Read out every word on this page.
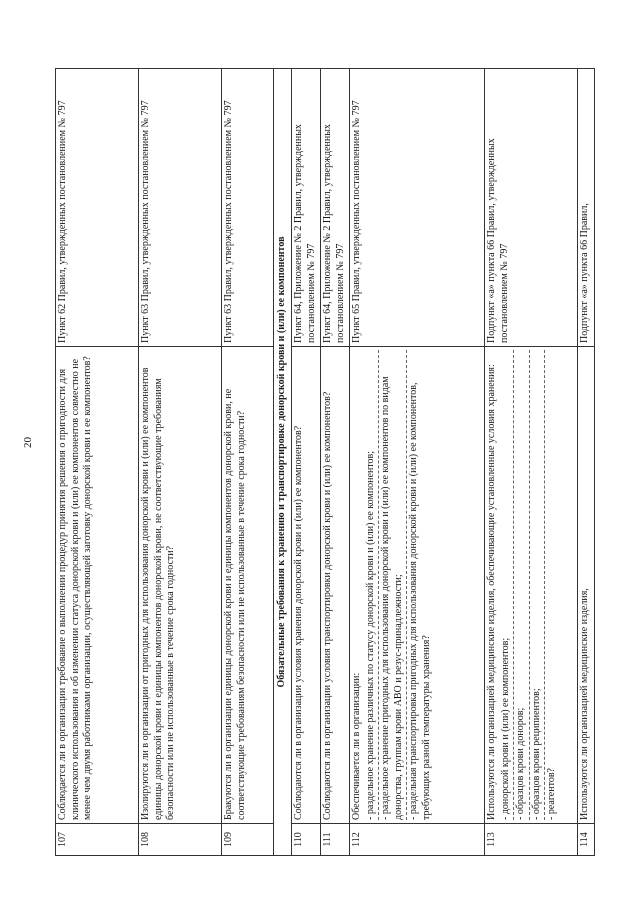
20
107	Соблюдается ли в организации требование о выполнении процедур принятия решения о пригодности для клинического использования и об изменении статуса донорской крови и (или) ее компонентов совместно не менее чем двумя работниками организации, осуществляющей заготовку донорской крови и ее компонентов?	Пункт 62 Правил, утвержденных постановлением № 797
108	Изолируются ли в организации от пригодных для использования донорской крови и (или) ее компонентов единицы донорской крови и единицы компонентов донорской крови, не соответствующие требованиям безопасности или не использованные в течение срока годности?	Пункт 63 Правил, утвержденных постановлением № 797
109	Бракуются ли в организации единицы донорской крови и единицы компонентов донорской крови, не соответствующие требованиям безопасности или не использованные в течение срока годности?	Пункт 63 Правил, утвержденных постановлением № 797
Обязательные требования к хранению и транспортировке донорской крови и (или) ее компонентов		
110	Соблюдаются ли в организации условия хранения донорской крови и (или) ее компонентов?	Пункт 64, Приложение № 2 Правил, утвержденных постановлением № 797
111	Соблюдаются ли в организации условия транспортировки донорской крови и (или) ее компонентов?	Пункт 64, Приложение № 2 Правил, утвержденных постановлением № 797
112	Обеспечивается ли в организации: - раздельное хранение различных по статусу донорской крови и (или) ее компонентов; - раздельное хранение пригодных для использования донорской крови и (или) ее компонентов по видам донорства, группам крови АВО и резус-принадлежности; - раздельная транспортировка пригодных для использования донорской крови и (или) ее компонентов, требующих разной температуры хранения?	Пункт 65 Правил, утвержденных постановлением № 797
113	Используются ли организацией медицинские изделия, обеспечивающие установленные условия хранения: - донорской крови и (или) ее компонентов; - образцов крови доноров; - образцов крови реципиентов; - реагентов?	Подпункт «а» пункта 66 Правил, утвержденных постановлением № 797
114	Используются ли организацией медицинские изделия,	Подпункт «а» пункта 66 Правил,
